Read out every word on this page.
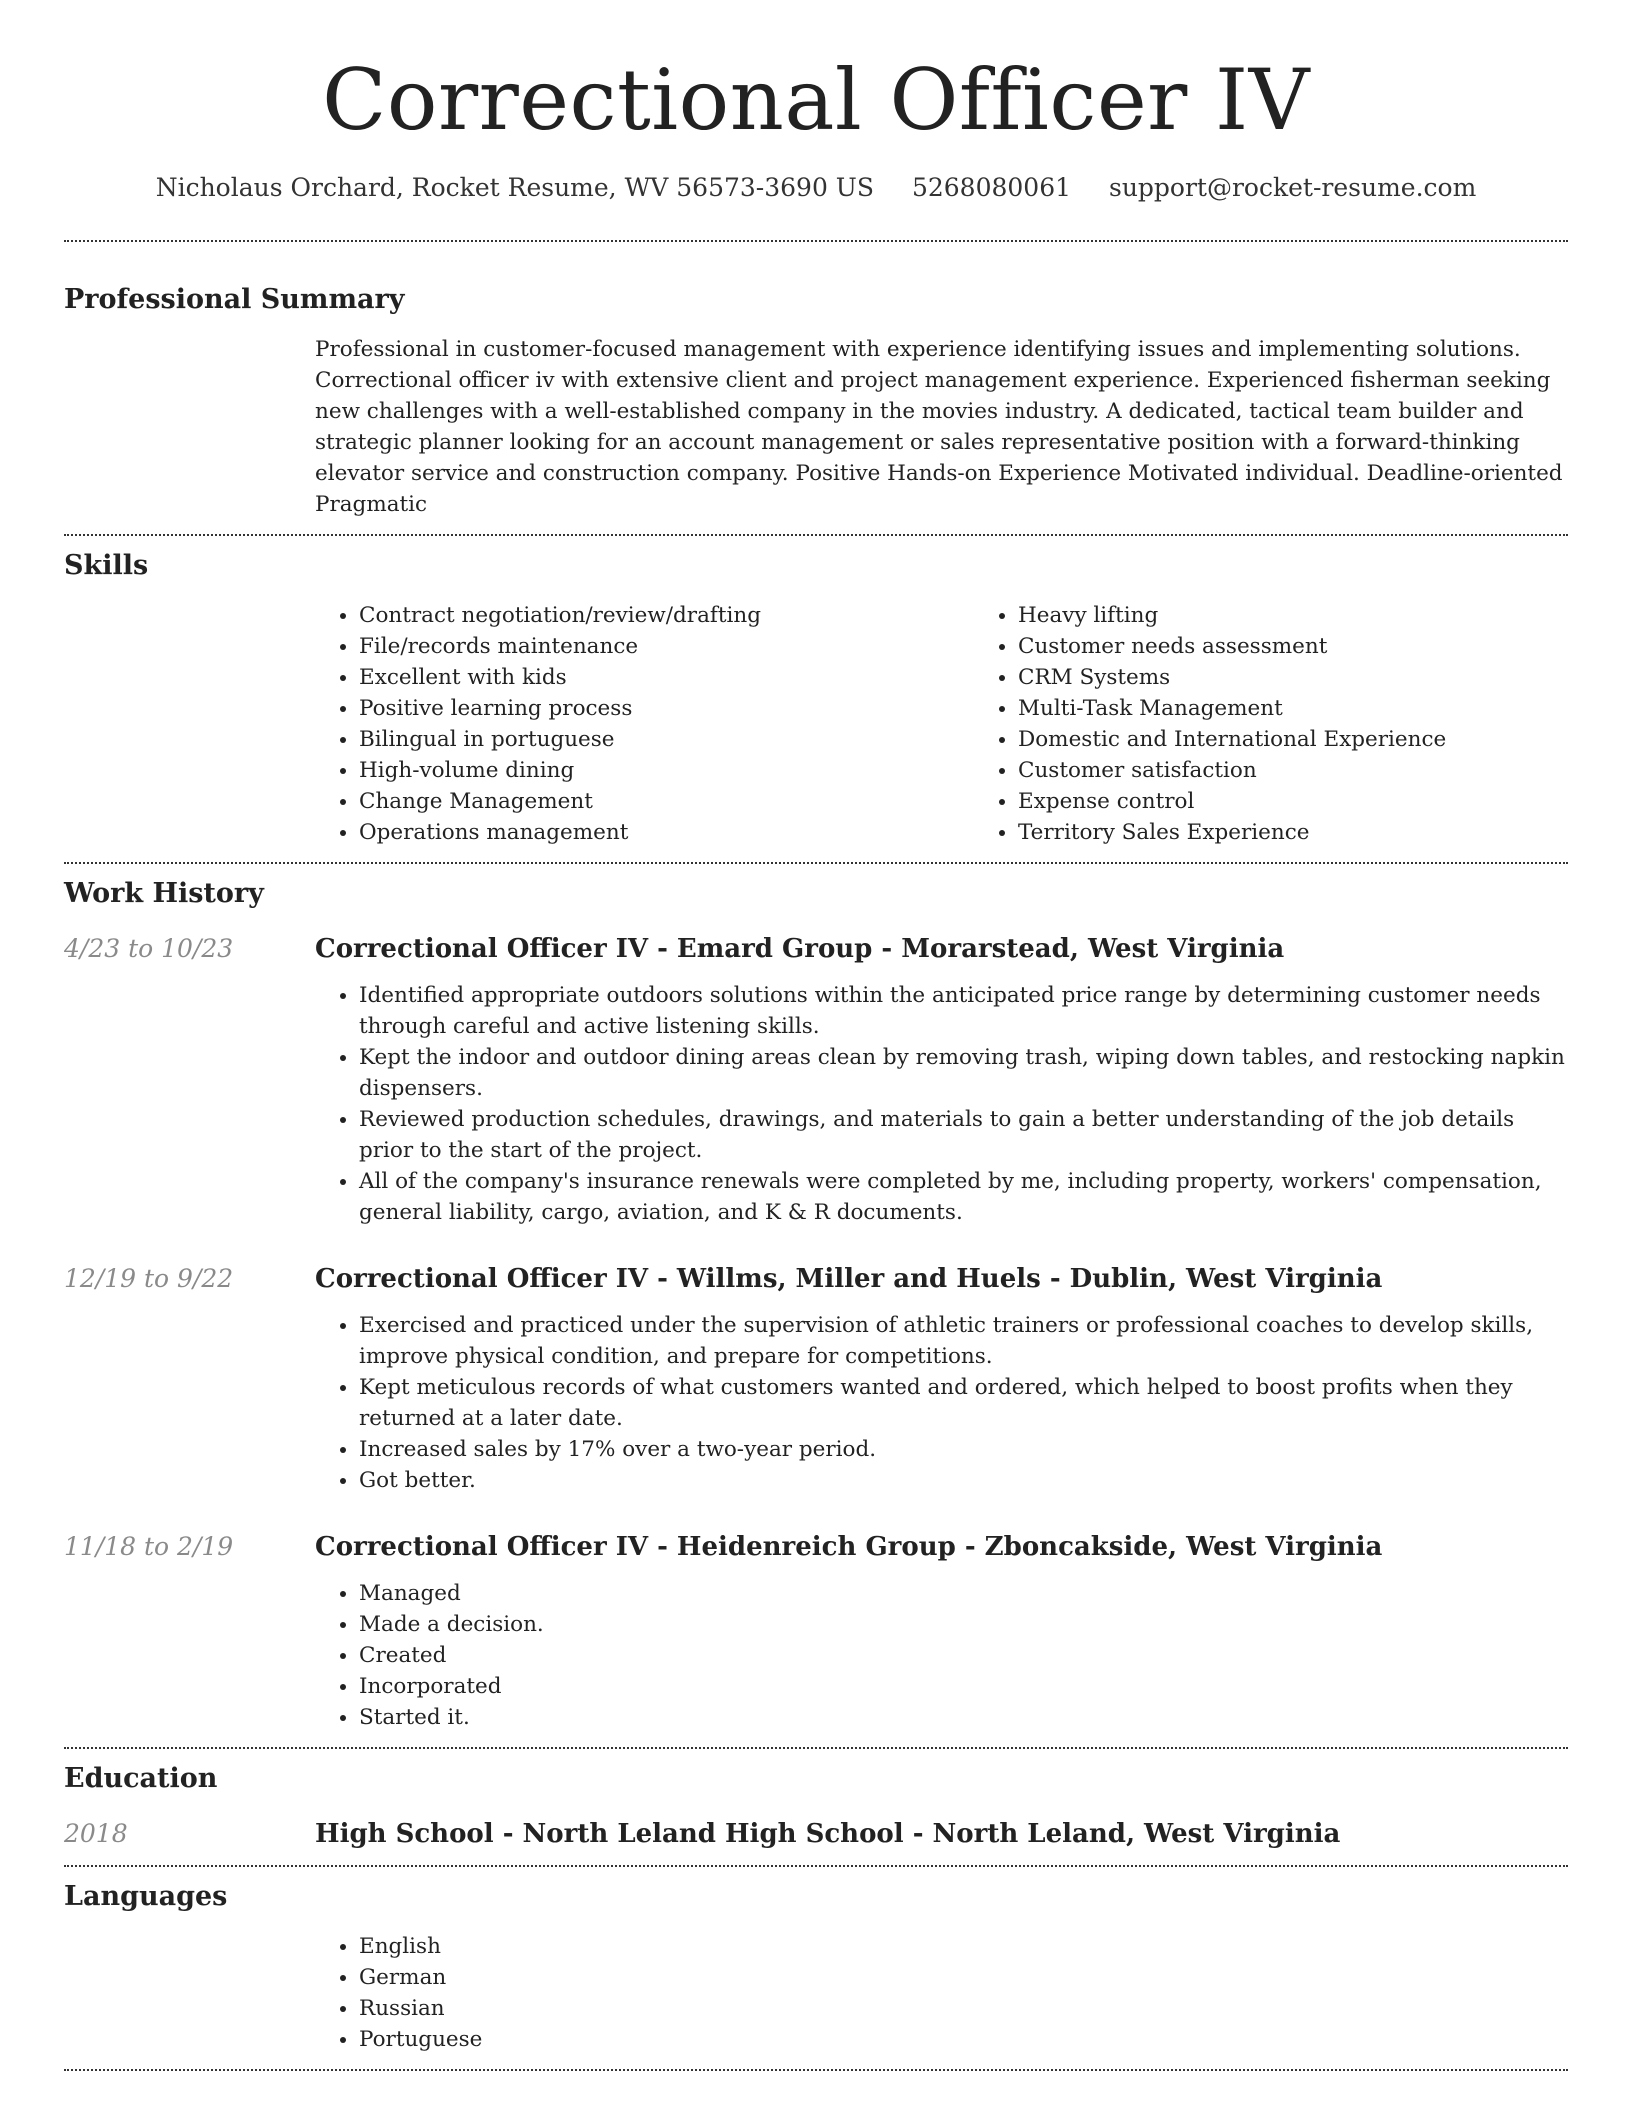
Correctional Officer IV
Nicholaus Orchard, Rocket Resume, WV 56573-3690 US 5268080061 support@rocket-resume.com
Professional Summary

Professional in customer-focused management with experience identifying issues and implementing solutions. Correctional officer iv with extensive client and project management experience. Experienced fisherman seeking new challenges with a well-established company in the movies industry. A dedicated, tactical team builder and strategic planner looking for an account management or sales representative position with a forward-thinking elevator service and construction company. Positive Hands-on Experience Motivated individual. Deadline-oriented Pragmatic

Skills
• Contract negotiation/review/drafting
• File/records maintenance
• Excellent with kids
• Positive learning process
• Bilingual in portuguese
• High-volume dining
• Change Management
• Operations management
• Heavy lifting
• Customer needs assessment
• CRM Systems
• Multi-Task Management
• Domestic and International Experience
• Customer satisfaction
• Expense control
• Territory Sales Experience
Work History
4/23 to 10/23	Correctional Officer IV - Emard Group - Morarstead, West Virginia
• Identified appropriate outdoors solutions within the anticipated price range by determining customer needs through careful and active listening skills.
• Kept the indoor and outdoor dining areas clean by removing trash, wiping down tables, and restocking napkin dispensers.
• Reviewed production schedules, drawings, and materials to gain a better understanding of the job details prior to the start of the project.
• All of the company's insurance renewals were completed by me, including property, workers' compensation, general liability, cargo, aviation, and K & R documents.
12/19 to 9/22	Correctional Officer IV - Willms, Miller and Huels - Dublin, West Virginia
• Exercised and practiced under the supervision of athletic trainers or professional coaches to develop skills, improve physical condition, and prepare for competitions.
• Kept meticulous records of what customers wanted and ordered, which helped to boost profits when they returned at a later date.
• Increased sales by 17% over a two-year period.
• Got better.
11/18 to 2/19	Correctional Officer IV - Heidenreich Group - Zboncakside, West Virginia
• Managed
• Made a decision.
• Created
• Incorporated
• Started it.
Education
2018	High School - North Leland High School - North Leland, West Virginia
Languages
• English
• German
• Russian
• Portuguese
